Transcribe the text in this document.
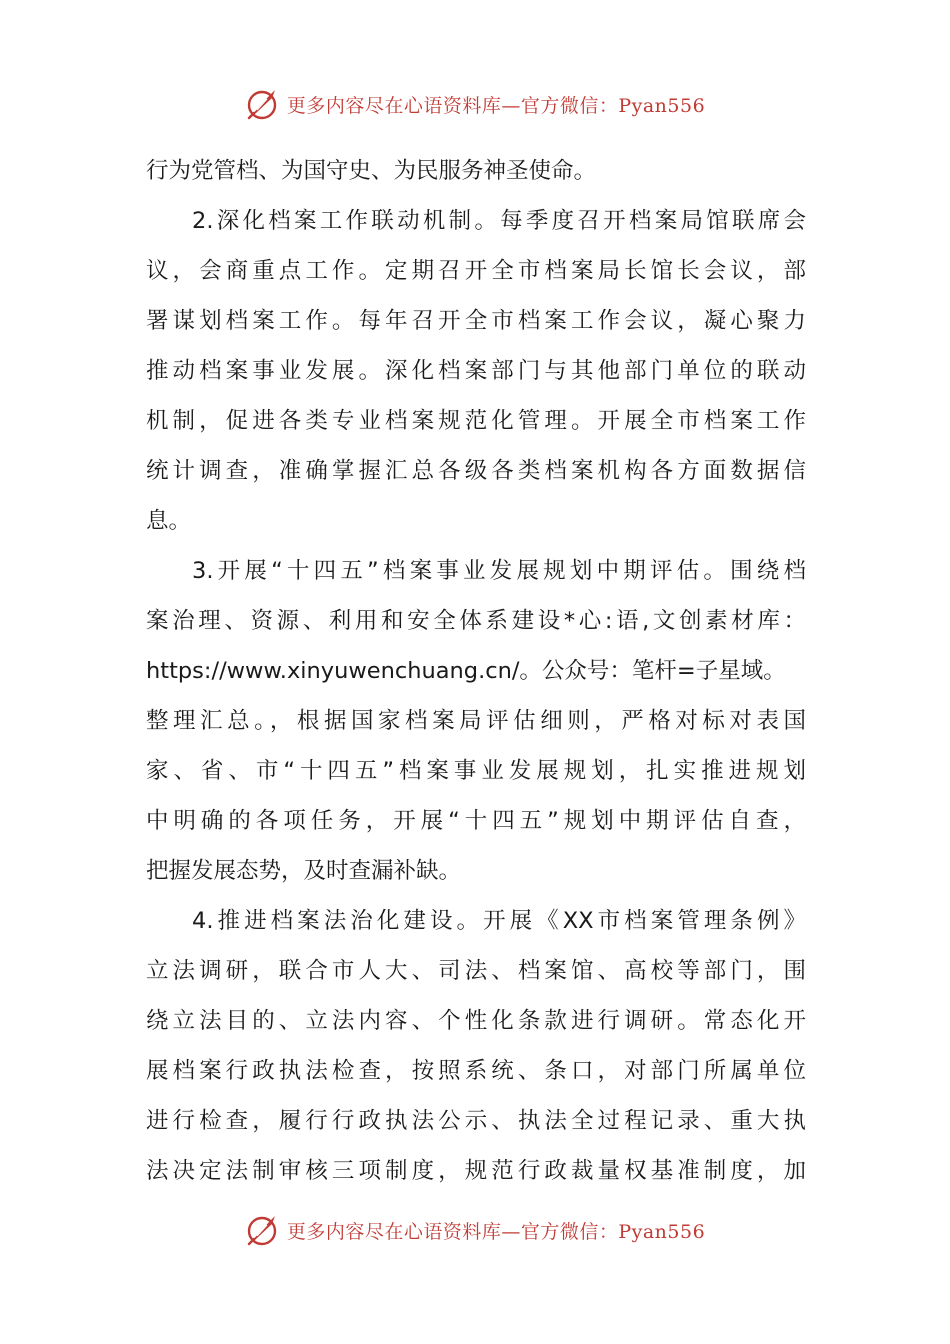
更多内容尽在心语资料库—官方微信：Pyan556
行为党管档、为国守史、为民服务神圣使命。
2.深化档案工作联动机制。每季度召开档案局馆联席会
议，会商重点工作。定期召开全市档案局长馆长会议，部
署谋划档案工作。每年召开全市档案工作会议，凝心聚力
推动档案事业发展。深化档案部门与其他部门单位的联动
机制，促进各类专业档案规范化管理。开展全市档案工作
统计调查，准确掌握汇总各级各类档案机构各方面数据信
息。
3.开展“十四五”档案事业发展规划中期评估。围绕档
案治理、资源、利用和安全体系建设*心:语,文创素材库：
https://www.xinyuwenchuang.cn/。公众号：笔杆=子星域。
整理汇总。，根据国家档案局评估细则，严格对标对表国
家、省、市“十四五”档案事业发展规划，扎实推进规划
中明确的各项任务，开展“十四五”规划中期评估自查，
把握发展态势，及时查漏补缺。
4.推进档案法治化建设。开展《XX市档案管理条例》
立法调研，联合市人大、司法、档案馆、高校等部门，围
绕立法目的、立法内容、个性化条款进行调研。常态化开
展档案行政执法检查，按照系统、条口，对部门所属单位
进行检查，履行行政执法公示、执法全过程记录、重大执
法决定法制审核三项制度，规范行政裁量权基准制度，加
更多内容尽在心语资料库—官方微信：Pyan556
